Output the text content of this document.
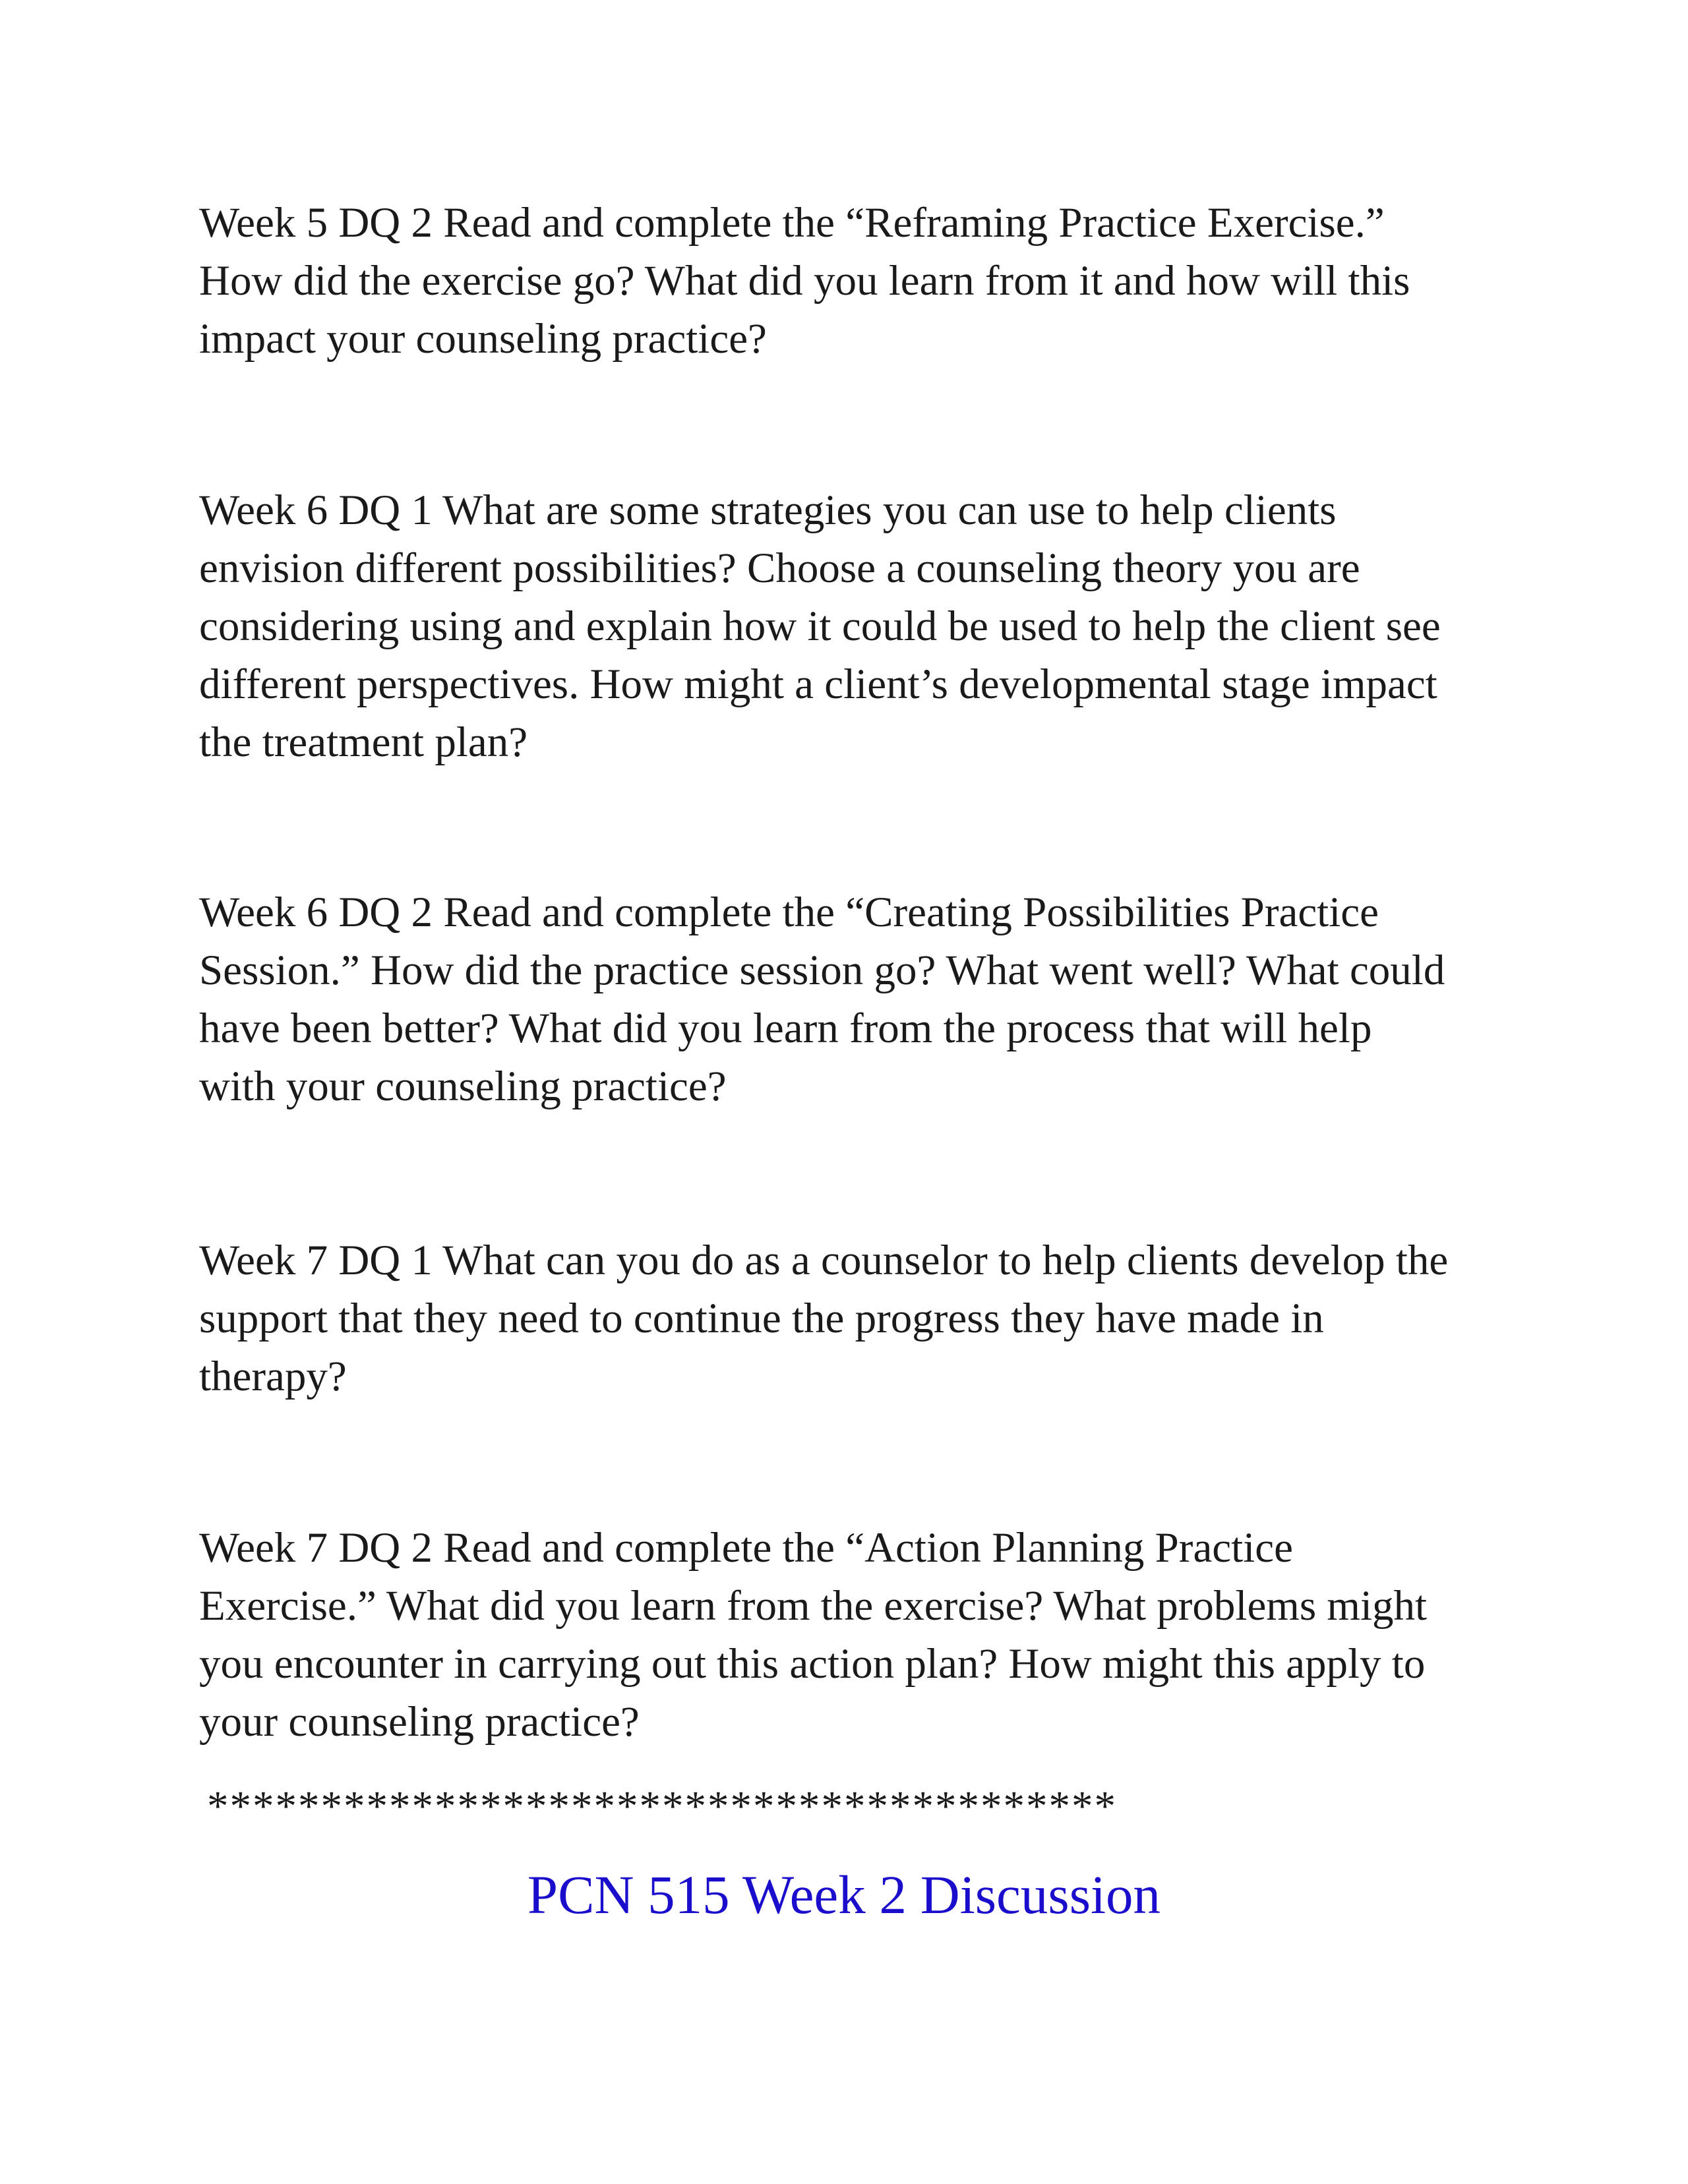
Week 5 DQ 2 Read and complete the “Reframing Practice Exercise.”
How did the exercise go? What did you learn from it and how will this
impact your counseling practice?

Week 6 DQ 1 What are some strategies you can use to help clients
envision different possibilities? Choose a counseling theory you are
considering using and explain how it could be used to help the client see
different perspectives. How might a client’s developmental stage impact
the treatment plan?

Week 6 DQ 2 Read and complete the “Creating Possibilities Practice
Session.” How did the practice session go? What went well? What could
have been better? What did you learn from the process that will help
with your counseling practice?

Week 7 DQ 1 What can you do as a counselor to help clients develop the
support that they need to continue the progress they have made in
therapy?

Week 7 DQ 2 Read and complete the “Action Planning Practice
Exercise.” What did you learn from the exercise? What problems might
you encounter in carrying out this action plan? How might this apply to
your counseling practice?

****************************************
PCN 515 Week 2 Discussion
